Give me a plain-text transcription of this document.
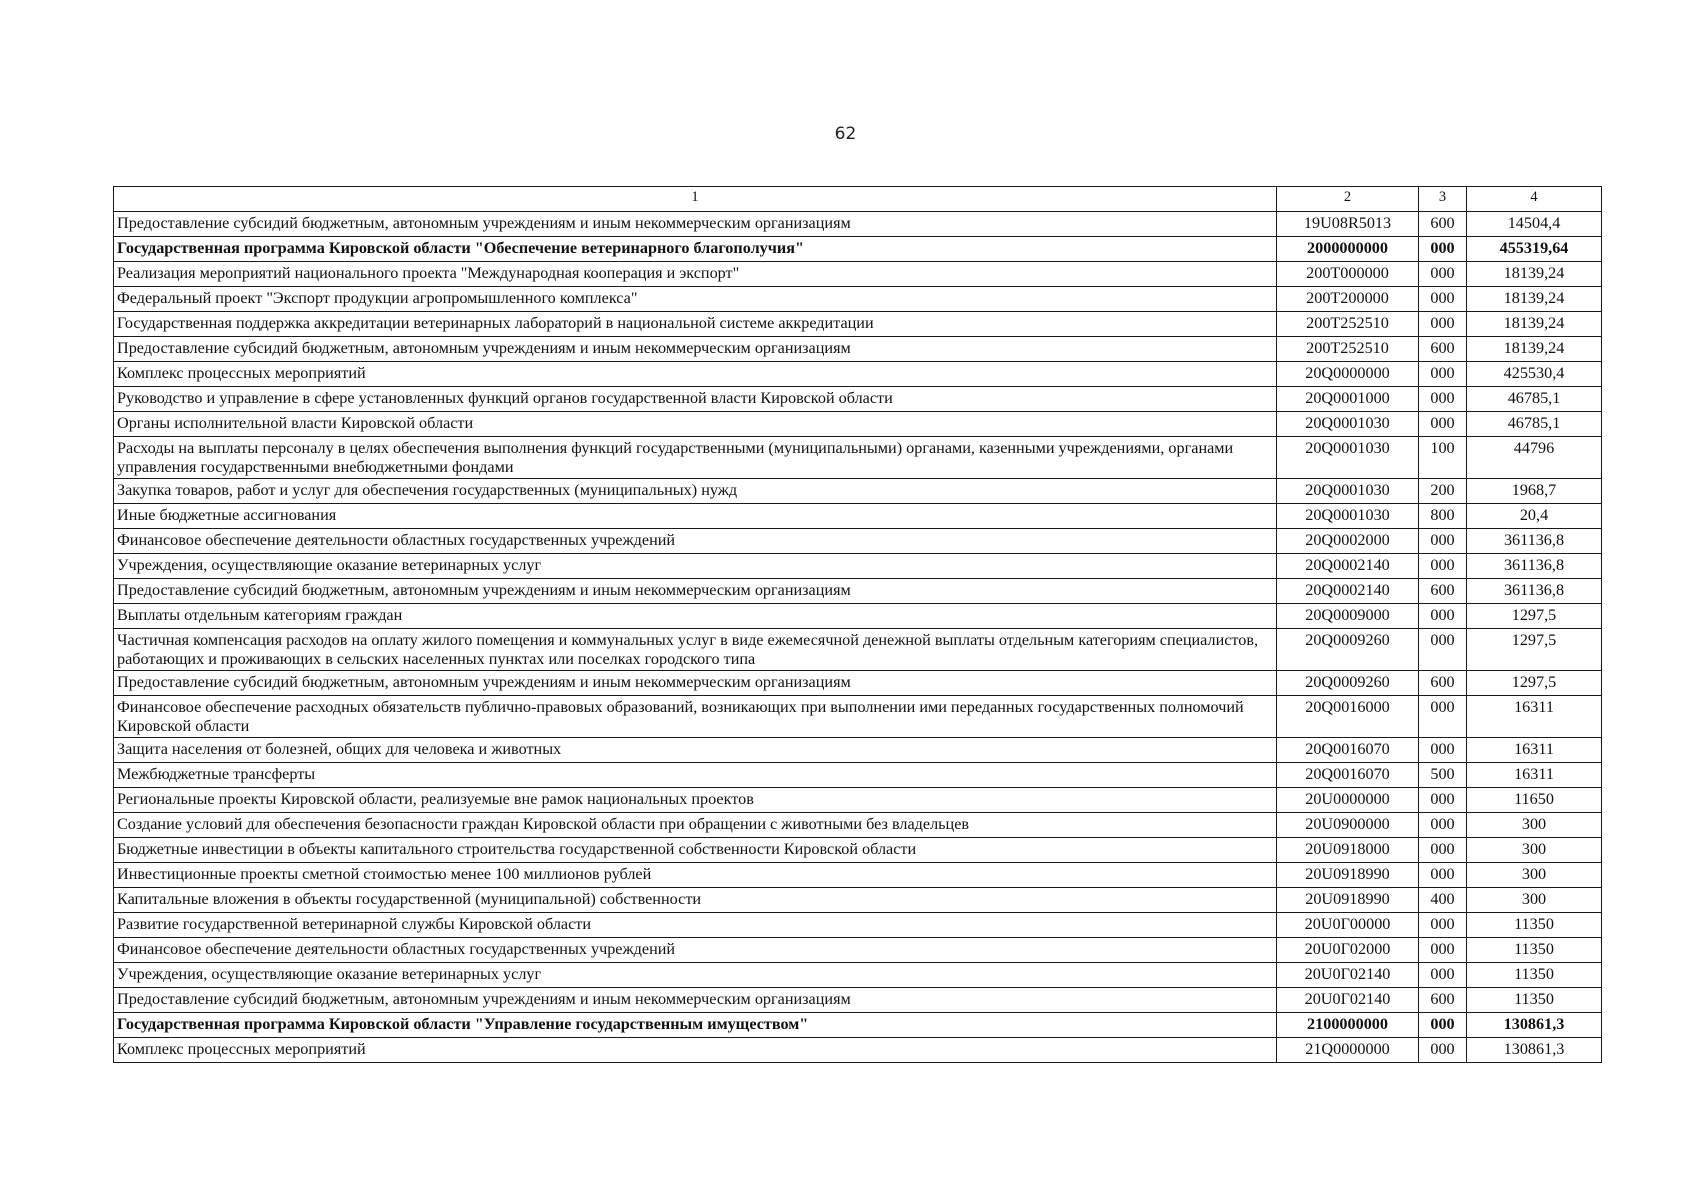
62
1	2	3	4
Предоставление субсидий бюджетным, автономным учреждениям и иным некоммерческим организациям	19U08R5013	600	14504,4
Государственная программа Кировской области "Обеспечение ветеринарного благополучия"	2000000000	000	455319,64
Реализация мероприятий национального проекта "Международная кооперация и экспорт"	200T000000	000	18139,24
Федеральный проект "Экспорт продукции агропромышленного комплекса"	200T200000	000	18139,24
Государственная поддержка аккредитации ветеринарных лабораторий в национальной системе аккредитации	200T252510	000	18139,24
Предоставление субсидий бюджетным, автономным учреждениям и иным некоммерческим организациям	200T252510	600	18139,24
Комплекс процессных мероприятий	20Q0000000	000	425530,4
Руководство и управление в сфере установленных функций органов государственной власти Кировской области	20Q0001000	000	46785,1
Органы исполнительной власти Кировской области	20Q0001030	000	46785,1
Расходы на выплаты персоналу в целях обеспечения выполнения функций государственными (муниципальными) органами, казенными учреждениями, органами управления государственными внебюджетными фондами	20Q0001030	100	44796
Закупка товаров, работ и услуг для обеспечения государственных (муниципальных) нужд	20Q0001030	200	1968,7
Иные бюджетные ассигнования	20Q0001030	800	20,4
Финансовое обеспечение деятельности областных государственных учреждений	20Q0002000	000	361136,8
Учреждения, осуществляющие оказание ветеринарных услуг	20Q0002140	000	361136,8
Предоставление субсидий бюджетным, автономным учреждениям и иным некоммерческим организациям	20Q0002140	600	361136,8
Выплаты отдельным категориям граждан	20Q0009000	000	1297,5
Частичная компенсация расходов на оплату жилого помещения и коммунальных услуг в виде ежемесячной денежной выплаты отдельным категориям специалистов, работающих и проживающих в сельских населенных пунктах или поселках городского типа	20Q0009260	000	1297,5
Предоставление субсидий бюджетным, автономным учреждениям и иным некоммерческим организациям	20Q0009260	600	1297,5
Финансовое обеспечение расходных обязательств публично-правовых образований, возникающих при выполнении ими переданных государственных полномочий Кировской области	20Q0016000	000	16311
Защита населения от болезней, общих для человека и животных	20Q0016070	000	16311
Межбюджетные трансферты	20Q0016070	500	16311
Региональные проекты Кировской области, реализуемые вне рамок национальных проектов	20U0000000	000	11650
Создание условий для обеспечения безопасности граждан Кировской области при обращении с животными без владельцев	20U0900000	000	300
Бюджетные инвестиции в объекты капитального строительства государственной собственности Кировской области	20U0918000	000	300
Инвестиционные проекты сметной стоимостью менее 100 миллионов рублей	20U0918990	000	300
Капитальные вложения в объекты государственной (муниципальной) собственности	20U0918990	400	300
Развитие государственной ветеринарной службы Кировской области	20U0Г00000	000	11350
Финансовое обеспечение деятельности областных государственных учреждений	20U0Г02000	000	11350
Учреждения, осуществляющие оказание ветеринарных услуг	20U0Г02140	000	11350
Предоставление субсидий бюджетным, автономным учреждениям и иным некоммерческим организациям	20U0Г02140	600	11350
Государственная программа Кировской области "Управление государственным имуществом"	2100000000	000	130861,3
Комплекс процессных мероприятий	21Q0000000	000	130861,3
